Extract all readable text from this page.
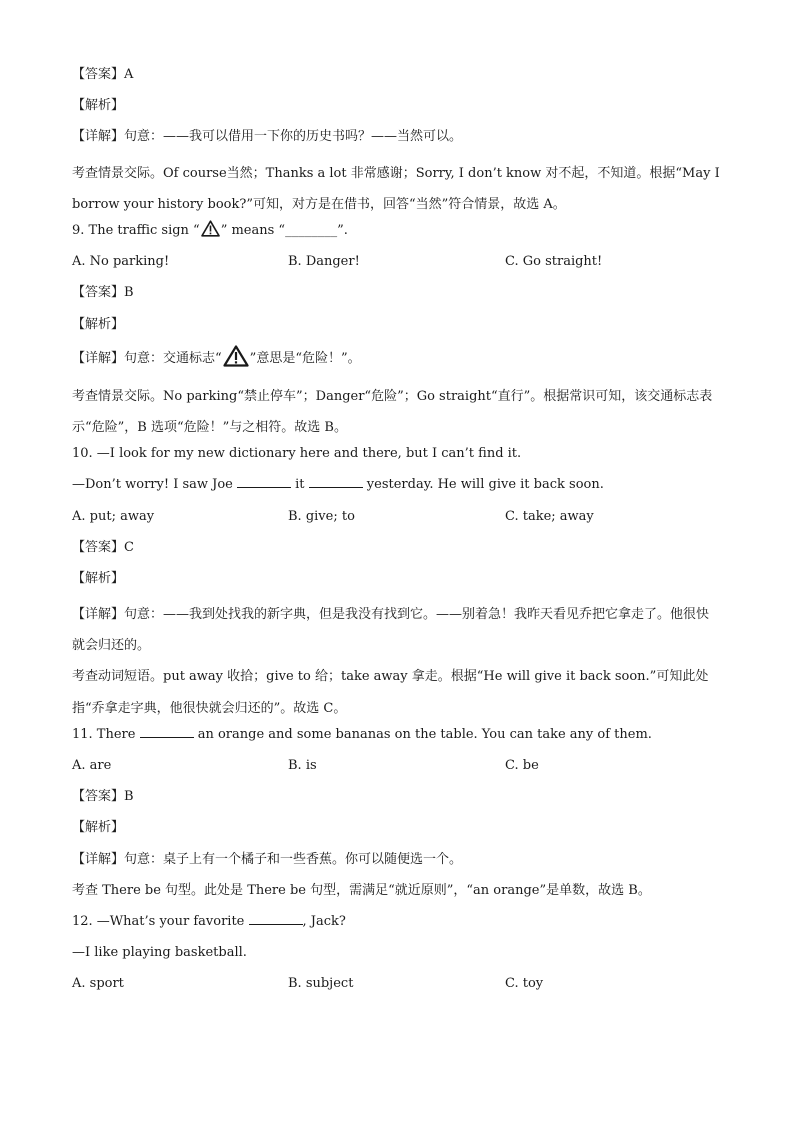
【答案】A
【解析】
【详解】句意：——我可以借用一下你的历史书吗？——当然可以。
考查情景交际。Of course当然；Thanks a lot 非常感谢；Sorry, I don’t know 对不起，不知道。根据“May I borrow your history book?”可知，对方是在借书，回答“当然”符合情景，故选 A。
9. The traffic sign “ ” means “________”.
A. No parking!	B. Danger!	C. Go straight!
【答案】B
【解析】
【详解】句意：交通标志“ ”意思是“危险！”。
考查情景交际。No parking“禁止停车”；Danger“危险”；Go straight“直行”。根据常识可知，该交通标志表示“危险”，B 选项“危险！”与之相符。故选 B。
10. —I look for my new dictionary here and there, but I can’t find it.
—Don’t worry! I saw Joe	it	yesterday. He will give it back soon.
A. put; away	B. give; to	C. take; away
【答案】C
【解析】
【详解】句意：——我到处找我的新字典，但是我没有找到它。——别着急！我昨天看见乔把它拿走了。他很快就会归还的。
考查动词短语。put away 收拾；give to 给；take away 拿走。根据“He will give it back soon.”可知此处指“乔拿走字典，他很快就会归还的”。故选 C。
11. There	an orange and some bananas on the table. You can take any of them.
A. are	B. is	C. be
【答案】B
【解析】
【详解】句意：桌子上有一个橘子和一些香蕉。你可以随便选一个。
考查 There be 句型。此处是 There be 句型，需满足“就近原则”，“an orange”是单数，故选 B。
12. —What’s your favorite	, Jack?
—I like playing basketball.
A. sport	B. subject	C. toy
